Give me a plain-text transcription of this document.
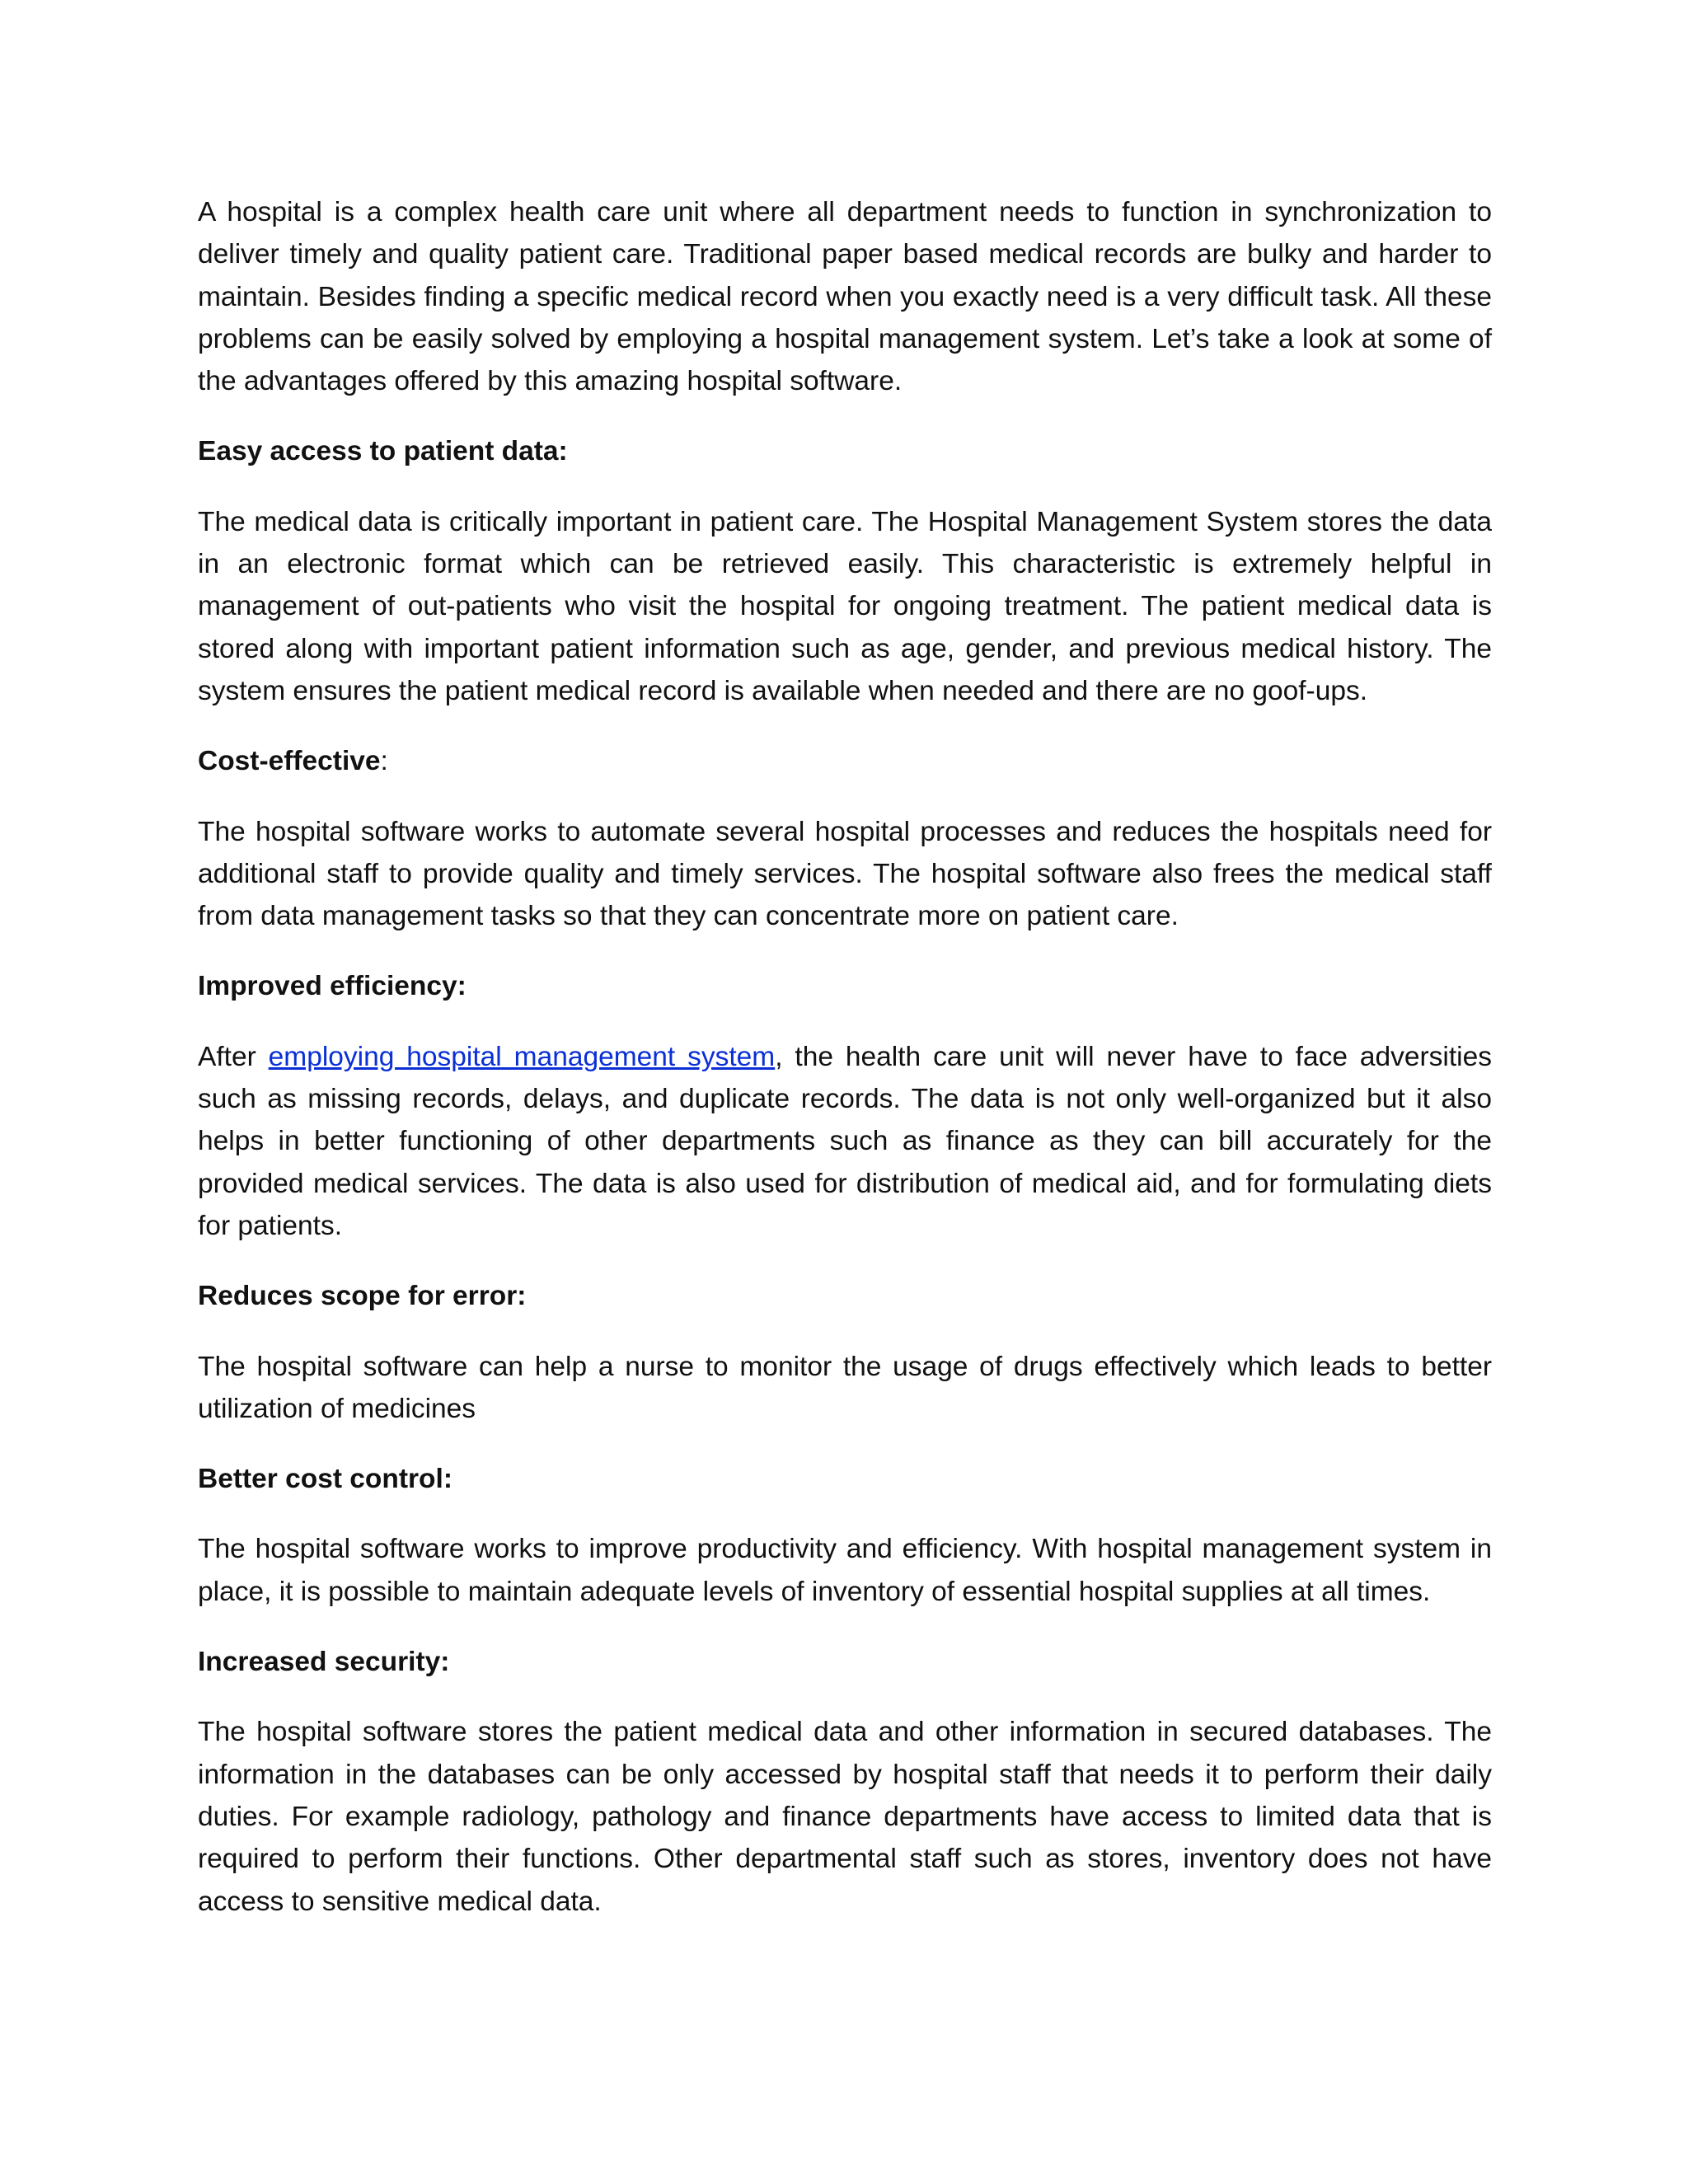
A hospital is a complex health care unit where all department needs to function in synchronization to deliver timely and quality patient care. Traditional paper based medical records are bulky and harder to maintain. Besides finding a specific medical record when you exactly need is a very difficult task. All these problems can be easily solved by employing a hospital management system. Let’s take a look at some of the advantages offered by this amazing hospital software.

Easy access to patient data:

The medical data is critically important in patient care. The Hospital Management System stores the data in an electronic format which can be retrieved easily. This characteristic is extremely helpful in management of out-patients who visit the hospital for ongoing treatment. The patient medical data is stored along with important patient information such as age, gender, and previous medical history. The system ensures the patient medical record is available when needed and there are no goof-ups.

Cost-effective:

The hospital software works to automate several hospital processes and reduces the hospitals need for additional staff to provide quality and timely services. The hospital software also frees the medical staff from data management tasks so that they can concentrate more on patient care.

Improved efficiency:

After employing hospital management system, the health care unit will never have to face adversities such as missing records, delays, and duplicate records. The data is not only well-organized but it also helps in better functioning of other departments such as finance as they can bill accurately for the provided medical services. The data is also used for distribution of medical aid, and for formulating diets for patients.

Reduces scope for error:

The hospital software can help a nurse to monitor the usage of drugs effectively which leads to better utilization of medicines

Better cost control:

The hospital software works to improve productivity and efficiency. With hospital management system in place, it is possible to maintain adequate levels of inventory of essential hospital supplies at all times.

Increased security:

The hospital software stores the patient medical data and other information in secured databases. The information in the databases can be only accessed by hospital staff that needs it to perform their daily duties. For example radiology, pathology and finance departments have access to limited data that is required to perform their functions. Other departmental staff such as stores, inventory does not have access to sensitive medical data.
